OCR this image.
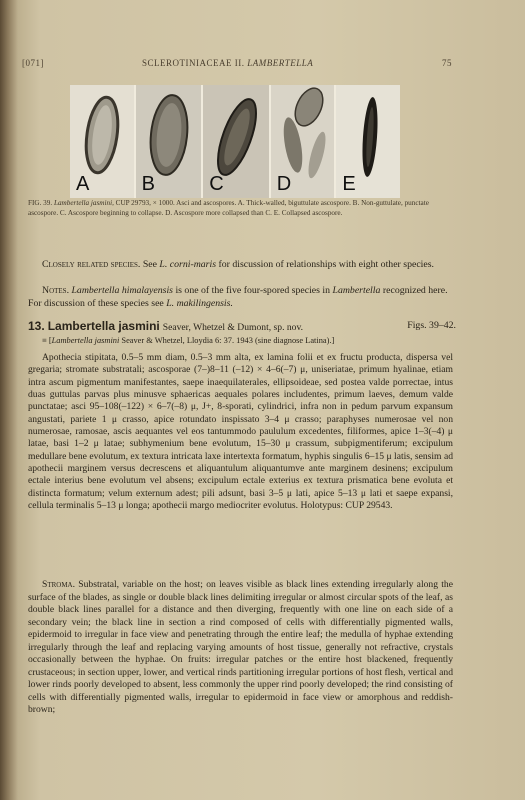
[071]	SCLEROTINIACEAE II. LAMBERTELLA	75
A	B	C	D	E
FIG. 39. Lambertella jasmini, CUP 29793, × 1000. Asci and ascospores. A. Thick-walled, biguttulate ascospore. B. Non-guttulate, punctate ascospore. C. Ascospore beginning to collapse. D. Ascospore more collapsed than C. E. Collapsed ascospore.
Closely related species. See L. corni-maris for discussion of relationships with eight other species.
Notes. Lambertella himalayensis is one of the five four-spored species in Lambertella recognized here. For discussion of these species see L. makilingensis.
13. Lambertella jasmini Seaver, Whetzel & Dumont, sp. nov.	Figs. 39–42.
≡ [Lambertella jasmini Seaver & Whetzel, Lloydia 6: 37. 1943 (sine diagnose Latina).]
Apothecia stipitata, 0.5–5 mm diam, 0.5–3 mm alta, ex lamina folii et ex fructu producta, dispersa vel gregaria; stromate substratali; ascosporae (7–)8–11 (–12) × 4–6(–7) μ, uniseriatae, primum hyalinae, etiam intra ascum pigmentum manifestantes, saepe inaequilaterales, ellipsoideae, sed postea valde porrectae, intus duas guttulas parvas plus minusve sphaericas aequales polares includentes, primum laeves, demum valde punctatae; asci 95–108(–122) × 6–7(–8) μ, J+, 8-sporati, cylindrici, infra non in pedum parvum expansum angustati, pariete 1 μ crasso, apice rotundato inspissato 3–4 μ crasso; paraphyses numerosae vel non numerosae, ramosae, ascis aequantes vel eos tantummodo paululum excedentes, filiformes, apice 1–3(–4) μ latae, basi 1–2 μ latae; subhymenium bene evolutum, 15–30 μ crassum, subpigmentiferum; excipulum medullare bene evolutum, ex textura intricata laxe intertexta formatum, hyphis singulis 6–15 μ latis, sensim ad apothecii marginem versus decrescens et aliquantulum aliquantumve ante marginem desinens; excipulum ectale interius bene evolutum vel absens; excipulum ectale exterius ex textura prismatica bene evoluta et distincta formatum; velum externum adest; pili adsunt, basi 3–5 μ lati, apice 5–13 μ lati et saepe expansi, cellula terminalis 5–13 μ longa; apothecii margo mediocriter evolutus. Holotypus: CUP 29543.
Stroma. Substratal, variable on the host; on leaves visible as black lines extending irregularly along the surface of the blades, as single or double black lines delimiting irregular or almost circular spots of the leaf, as double black lines parallel for a distance and then diverging, frequently with one line on each side of a secondary vein; the black line in section a rind composed of cells with differentially pigmented walls, epidermoid to irregular in face view and penetrating through the entire leaf; the medulla of hyphae extending irregularly through the leaf and replacing varying amounts of host tissue, generally not refractive, crystals occasionally between the hyphae. On fruits: irregular patches or the entire host blackened, frequently crustaceous; in section upper, lower, and vertical rinds partitioning irregular portions of host flesh, vertical and lower rinds poorly developed to absent, less commonly the upper rind poorly developed; the rind consisting of cells with differentially pigmented walls, irregular to epidermoid in face view or amorphous and reddish-brown;
